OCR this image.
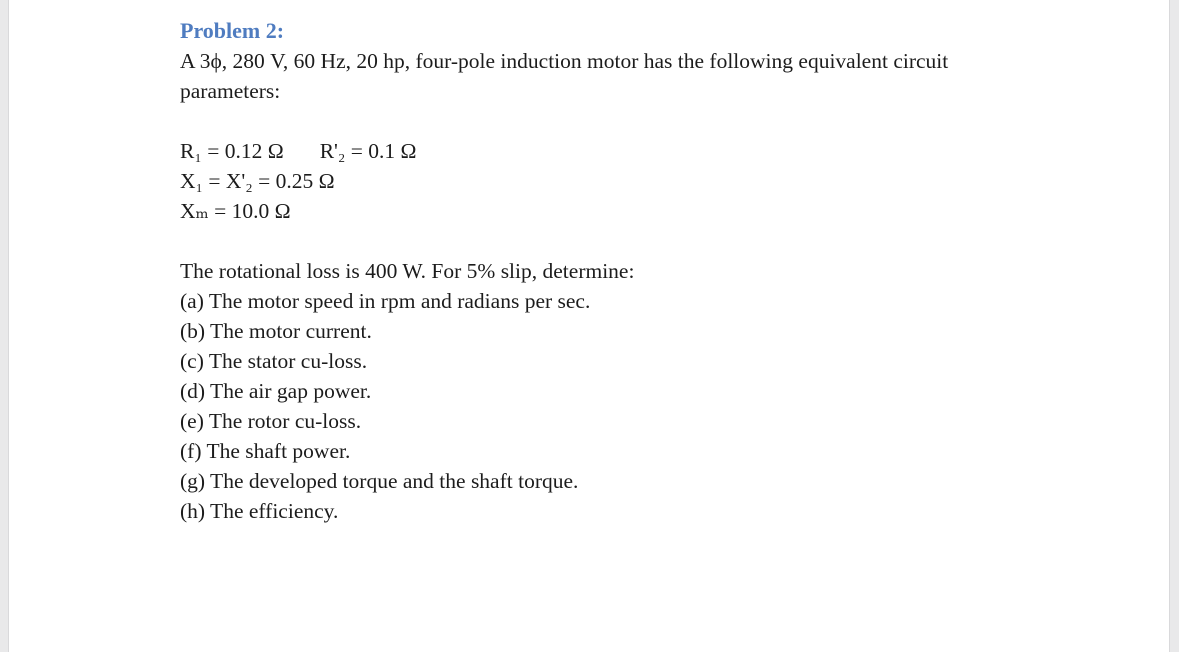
Problem 2:

A 3ϕ, 280 V, 60 Hz, 20 hp, four-pole induction motor has the following equivalent circuit
parameters:
R₁ = 0.12 Ω R'₂ = 0.1 Ω
X₁ = X'₂ = 0.25 Ω
Xₘ = 10.0 Ω
The rotational loss is 400 W. For 5% slip, determine:
(a) The motor speed in rpm and radians per sec.
(b) The motor current.
(c) The stator cu-loss.
(d) The air gap power.
(e) The rotor cu-loss.
(f) The shaft power.
(g) The developed torque and the shaft torque.
(h) The efficiency.
